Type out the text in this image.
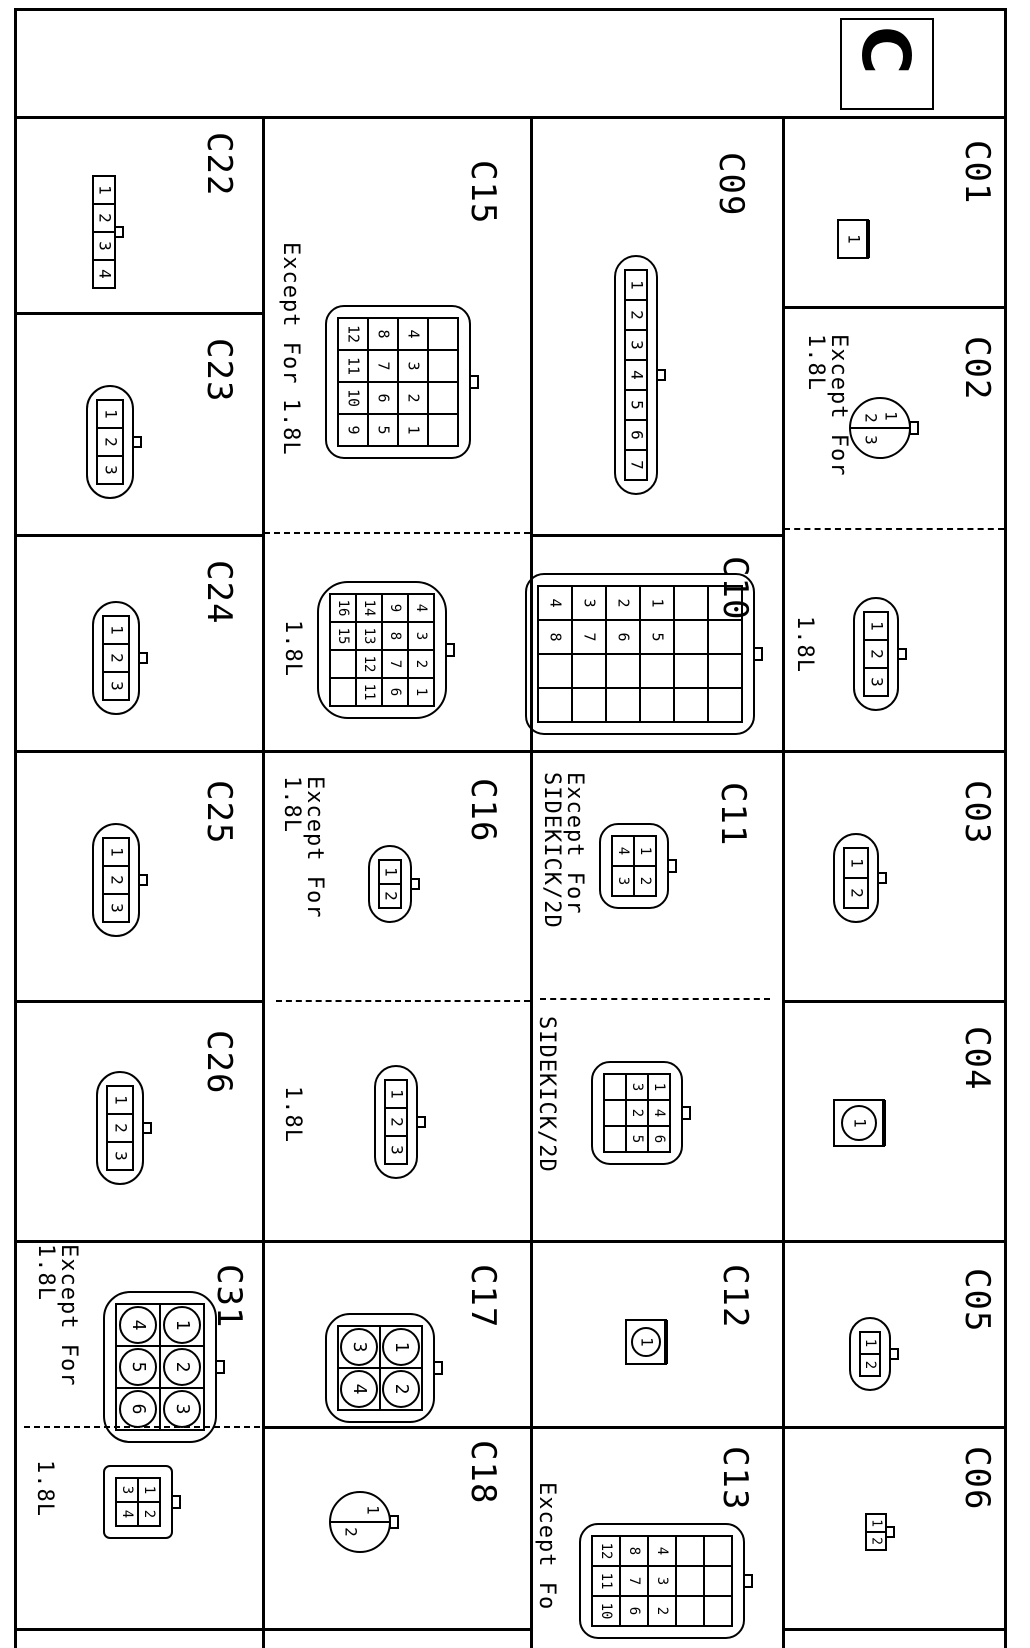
C
C01
C02
C03
C04
C05
C06
C09
C10
C11
C12
C13
C15
C16
C17
C18
C22
C23
C24
C25
C26
C31
Except For
1.8L
1.8L
Except For
SIDEKICK/2D
SIDEKICK/2D
Except Fo
Except For 1.8L
1.8L
Except For
1.8L
1.8L
Except For
1.8L
1.8L
1
1
2
3
1
2
3
1
2
1
1
2
1
2
1
2
3
4
5
6
7
4 3 2 1
8 7 6 5
4 1
3 2
3 1
2 4
5 6
1
12 8 4
11 7 3
10 6 2
12 8 4
11 7 3
10 6 2
9 5 1
16 14 9 4
15 13 8 3
12 7 2
11 6 1
1
2
1
2
3
3 1
4 2
1
2
1
2
3
4
1
2
3
1
2
3
1
2
3
1
2
3
4 1
5 2
6 3
3 1
4 2
